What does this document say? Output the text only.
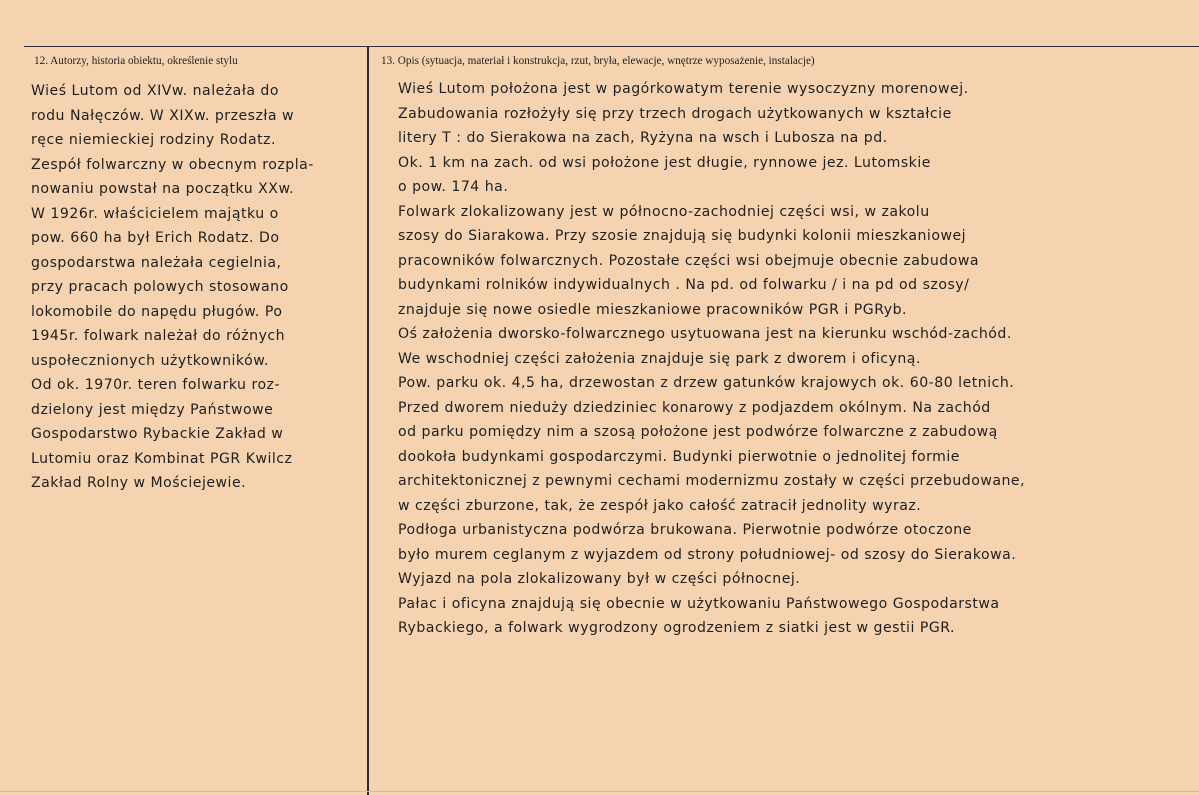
12. Autorzy, historia obiektu, określenie stylu	13. Opis (sytuacja, materiał i konstrukcja, rzut, bryła, elewacje, wnętrze wyposażenie, instalacje)
Wieś Lutom od XIVw. należała do
rodu Nałęczów. W XIXw. przeszła w
ręce niemieckiej rodziny Rodatz.
Zespół folwarczny w obecnym rozpla-
nowaniu powstał na początku XXw.
W 1926r. właścicielem majątku o
pow. 660 ha był Erich Rodatz. Do
gospodarstwa należała cegielnia,
przy pracach polowych stosowano
lokomobile do napędu pługów. Po
1945r. folwark należał do różnych
uspołecznionych użytkowników.
Od ok. 1970r. teren folwarku roz-
dzielony jest między Państwowe
Gospodarstwo Rybackie Zakład w
Lutomiu oraz Kombinat PGR Kwilcz
Zakład Rolny w Mościejewie.
Wieś Lutom położona jest w pagórkowatym terenie wysoczyzny morenowej.
Zabudowania rozłożyły się przy trzech drogach użytkowanych w kształcie
litery T : do Sierakowa na zach, Ryżyna na wsch i Lubosza na pd.
Ok. 1 km na zach. od wsi położone jest długie, rynnowe jez. Lutomskie
o pow. 174 ha.
Folwark zlokalizowany jest w północno-zachodniej części wsi, w zakolu
szosy do Siarakowa. Przy szosie znajdują się budynki kolonii mieszkaniowej
pracowników folwarcznych. Pozostałe części wsi obejmuje obecnie zabudowa
budynkami rolników indywidualnych . Na pd. od folwarku / i na pd od szosy/
znajduje się nowe osiedle mieszkaniowe pracowników PGR i PGRyb.
Oś założenia dworsko-folwarcznego usytuowana jest na kierunku wschód-zachód.
We wschodniej części założenia znajduje się park z dworem i oficyną.
Pow. parku ok. 4,5 ha, drzewostan z drzew gatunków krajowych ok. 60-80 letnich.
Przed dworem nieduży dziedziniec konarowy z podjazdem okólnym. Na zachód
od parku pomiędzy nim a szosą położone jest podwórze folwarczne z zabudową
dookoła budynkami gospodarczymi. Budynki pierwotnie o jednolitej formie
architektonicznej z pewnymi cechami modernizmu zostały w części przebudowane,
w części zburzone, tak, że zespół jako całość zatracił jednolity wyraz.
Podłoga urbanistyczna podwórza brukowana. Pierwotnie podwórze otoczone
było murem ceglanym z wyjazdem od strony południowej- od szosy do Sierakowa.
Wyjazd na pola zlokalizowany był w części północnej.
Pałac i oficyna znajdują się obecnie w użytkowaniu Państwowego Gospodarstwa
Rybackiego, a folwark wygrodzony ogrodzeniem z siatki jest w gestii PGR.
